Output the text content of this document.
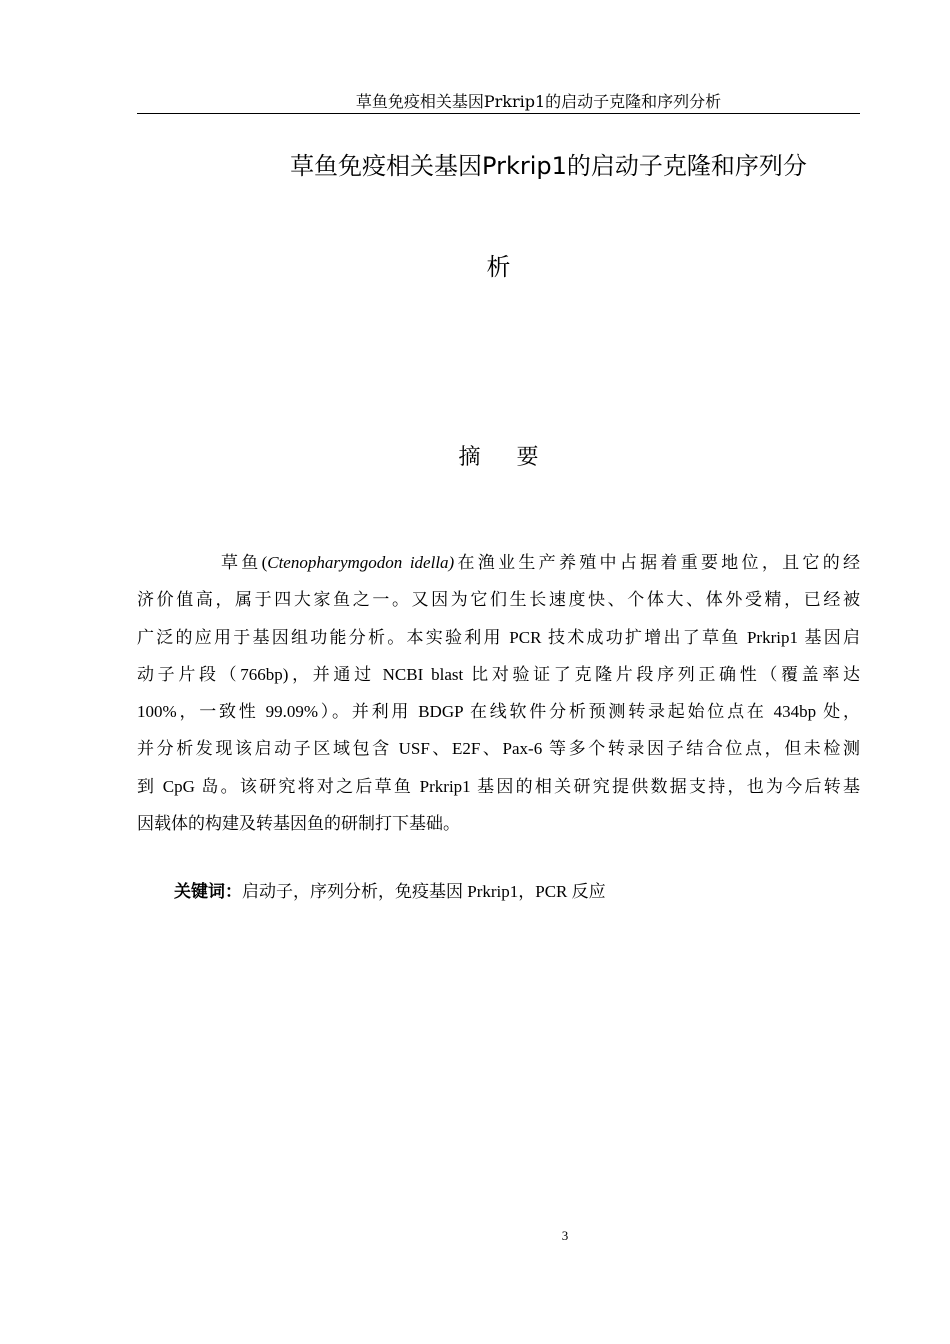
草鱼免疫相关基因Prkrip1的启动子克隆和序列分析
草鱼免疫相关基因Prkrip1的启动子克隆和序列分
析
摘 要
草鱼(Ctenopharymgodon idella)在渔业生产养殖中占据着重要地位，且它的经
济价值高，属于四大家鱼之一。又因为它们生长速度快、个体大、体外受精，已经被
广泛的应用于基因组功能分析。本实验利用 PCR 技术成功扩增出了草鱼 Prkrip1 基因启
动子片段（766bp)，并通过 NCBI blast 比对验证了克隆片段序列正确性（覆盖率达
100%，一致性 99.09%）。并利用 BDGP 在线软件分析预测转录起始位点在 434bp 处，
并分析发现该启动子区域包含 USF、E2F、Pax-6 等多个转录因子结合位点，但未检测
到 CpG 岛。该研究将对之后草鱼 Prkrip1 基因的相关研究提供数据支持，也为今后转基
因载体的构建及转基因鱼的研制打下基础。
关键词：启动子，序列分析，免疫基因 Prkrip1，PCR 反应
3
